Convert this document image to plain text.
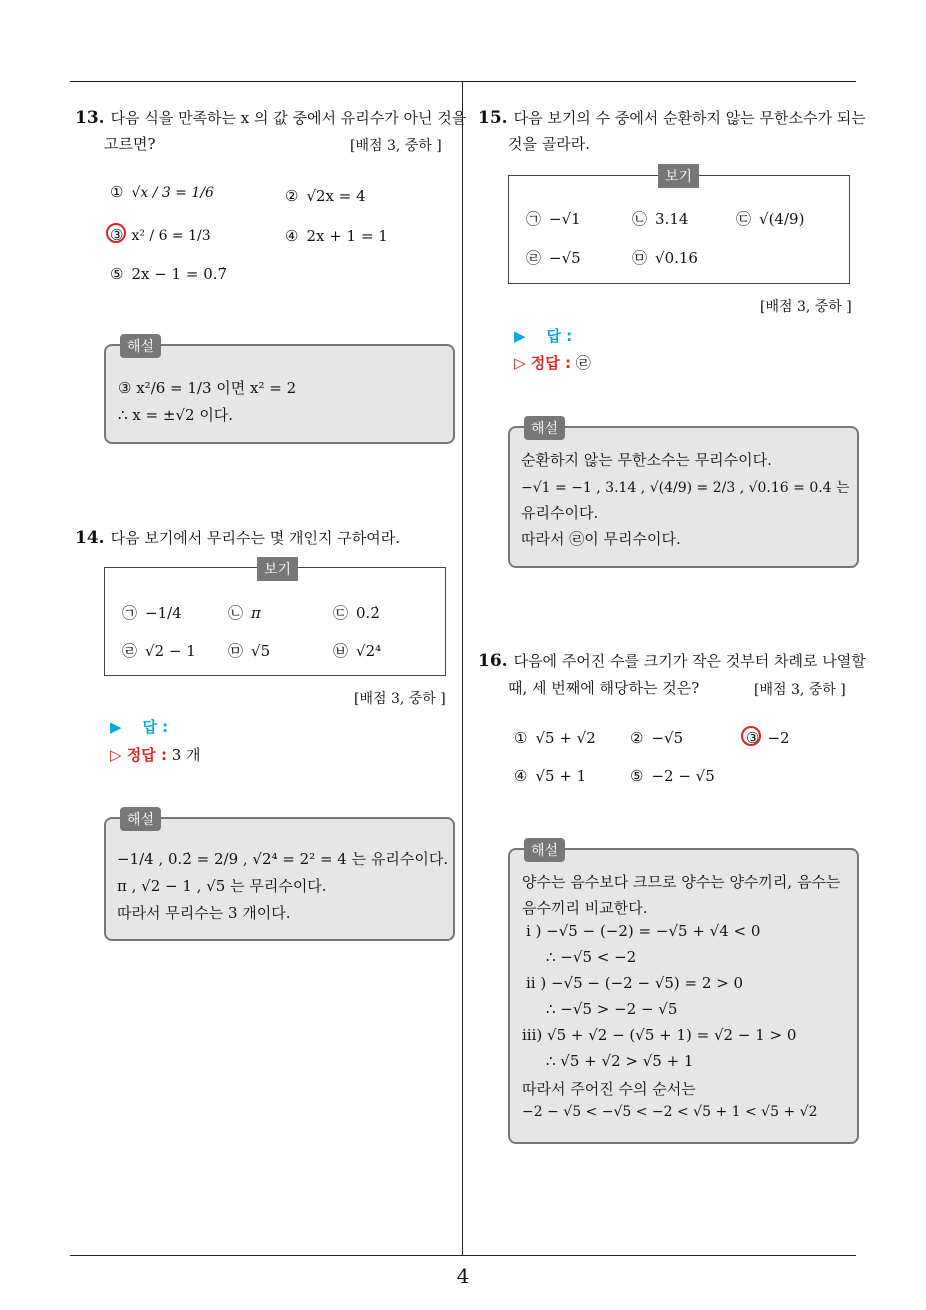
13. 다음 식을 만족하는 x 의 값 중에서 유리수가 아닌 것을
고르면?	[배점 3, 중하 ]
① √x / 3 = 1/6	② √2x = 4
③ x² / 6 = 1/3	④ 2x + 1 = 1
⑤ 2x − 1 = 0.7̇
해설
③ x²/6 = 1/3 이면 x² = 2
∴ x = ±√2 이다.
14. 다음 보기에서 무리수는 몇 개인지 구하여라.
보기
㉠ −1/4	㉡ π	㉢ 0.2̇
㉣ √2 − 1 ㉤ √5	㉥ √2⁴
[배점 3, 중하 ]
▶    답 :
▷ 정답 : 3 개
해설
−1/4 , 0.2̇ = 2/9 , √2⁴ = 2² = 4 는 유리수이다.
π , √2 − 1 , √5 는 무리수이다.
따라서 무리수는 3 개이다.
15. 다음 보기의 수 중에서 순환하지 않는 무한소수가 되는
것을 골라라.
보기
㉠ −√1	㉡ 3.14	㉢ √(4/9)
㉣ −√5	㉤ √0.16
[배점 3, 중하 ]
▶    답 :
▷ 정답 : ㉣
해설
순환하지 않는 무한소수는 무리수이다.
−√1 = −1 , 3.14 , √(4/9) = 2/3 , √0.16 = 0.4 는
유리수이다.
따라서 ㉣이 무리수이다.
16. 다음에 주어진 수를 크기가 작은 것부터 차례로 나열할
때, 세 번째에 해당하는 것은?	[배점 3, 중하 ]
① √5 + √2 ② −√5	③ −2
④ √5 + 1	⑤ −2 − √5
해설
양수는 음수보다 크므로 양수는 양수끼리, 음수는
음수끼리 비교한다.
i ) −√5 − (−2) = −√5 + √4 < 0
∴ −√5 < −2
ii ) −√5 − (−2 − √5) = 2 > 0
∴ −√5 > −2 − √5
iii) √5 + √2 − (√5 + 1) = √2 − 1 > 0
∴ √5 + √2 > √5 + 1
따라서 주어진 수의 순서는
−2 − √5 < −√5 < −2 < √5 + 1 < √5 + √2
4
